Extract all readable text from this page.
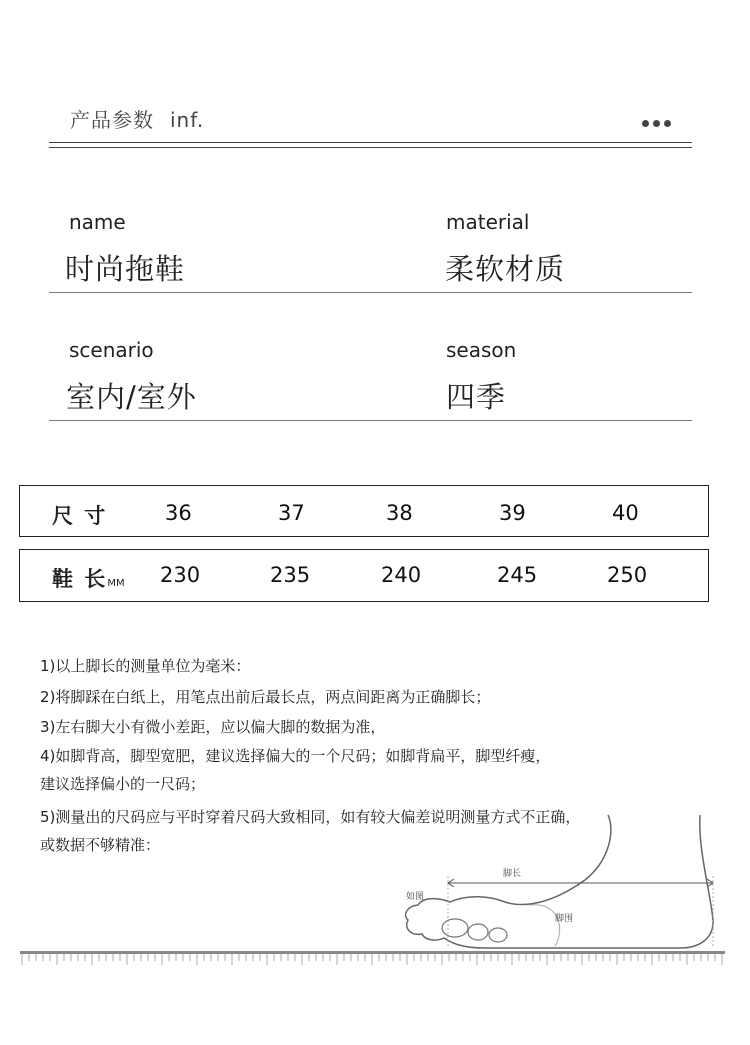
产品参数 inf.
name
时尚拖鞋
material
柔软材质
scenario
室内/室外
season
四季
尺 寸	36	37	38	39	40
鞋 长MM 230	235	240	245	250
1)以上脚长的测量单位为毫米：
2)将脚踩在白纸上，用笔点出前后最长点，两点间距离为正确脚长；
3)左右脚大小有微小差距，应以偏大脚的数据为准，
4)如脚背高，脚型宽肥，建议选择偏大的一个尺码；如脚背扁平，脚型纤瘦，
建议选择偏小的一尺码；
5)测量出的尺码应与平时穿着尺码大致相同，如有较大偏差说明测量方式不正确，
或数据不够精准：
脚长
如图
脚围
